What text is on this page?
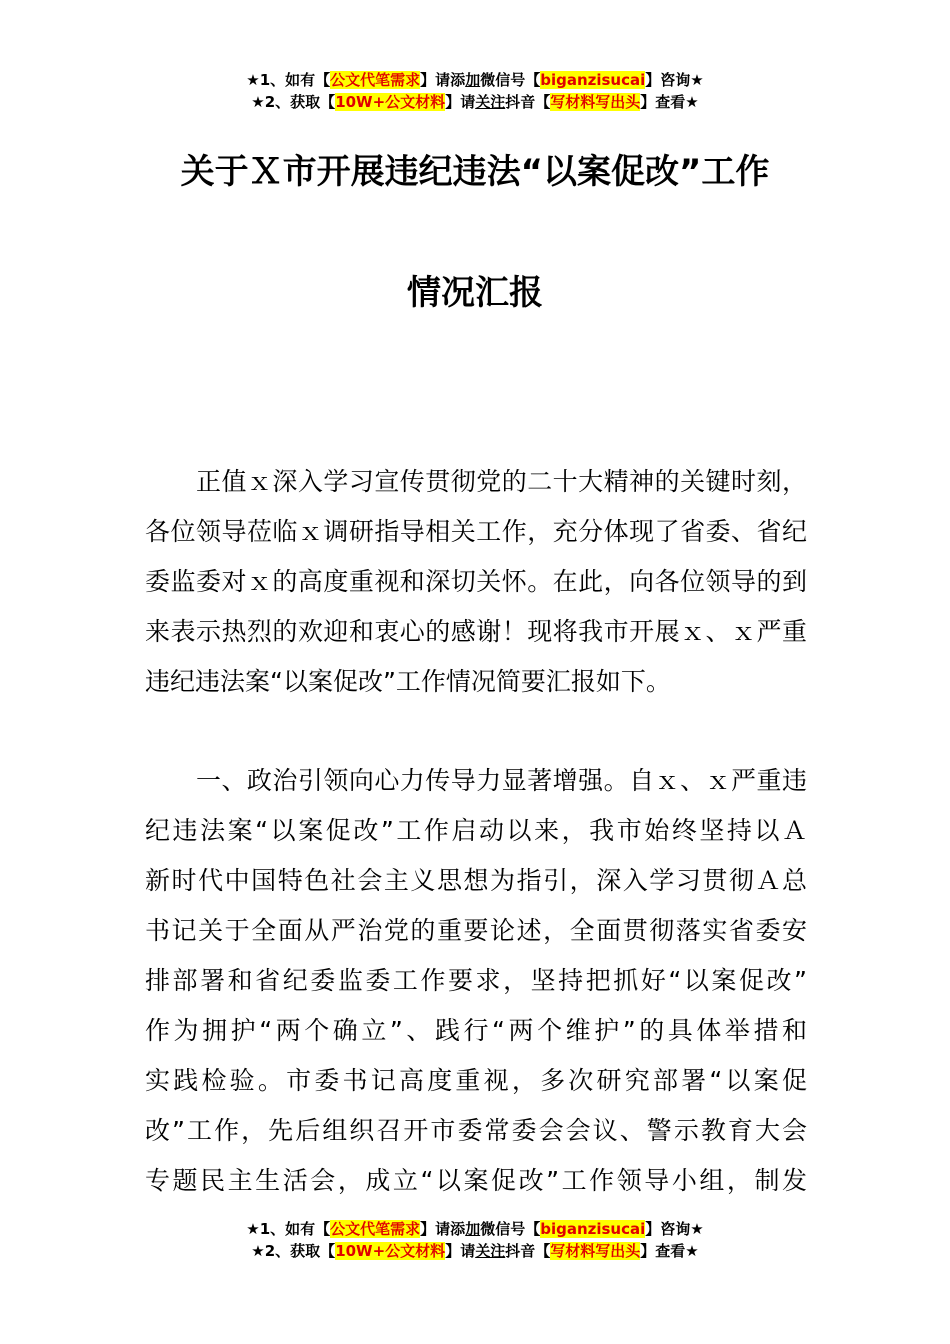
★1、如有【公文代笔需求】请添加微信号【biganzisucai】咨询★
★2、获取【10W+公文材料】请关注抖音【写材料写出头】查看★
关于Ｘ市开展违纪违法“以案促改”工作
情况汇报
　　正值ｘ深入学习宣传贯彻党的二十大精神的关键时刻，
各位领导莅临ｘ调研指导相关工作，充分体现了省委、省纪
委监委对ｘ的高度重视和深切关怀。在此，向各位领导的到
来表示热烈的欢迎和衷心的感谢！现将我市开展ｘ、ｘ严重
违纪违法案“以案促改”工作情况简要汇报如下。
　　一、政治引领向心力传导力显著增强。自ｘ、ｘ严重违
纪违法案“以案促改”工作启动以来，我市始终坚持以Ａ
新时代中国特色社会主义思想为指引，深入学习贯彻Ａ总
书记关于全面从严治党的重要论述，全面贯彻落实省委安
排部署和省纪委监委工作要求，坚持把抓好“以案促改”
作为拥护“两个确立”、践行“两个维护”的具体举措和
实践检验。市委书记高度重视，多次研究部署“以案促
改”工作，先后组织召开市委常委会会议、警示教育大会
专题民主生活会，成立“以案促改”工作领导小组，制发
★1、如有【公文代笔需求】请添加微信号【biganzisucai】咨询★
★2、获取【10W+公文材料】请关注抖音【写材料写出头】查看★
